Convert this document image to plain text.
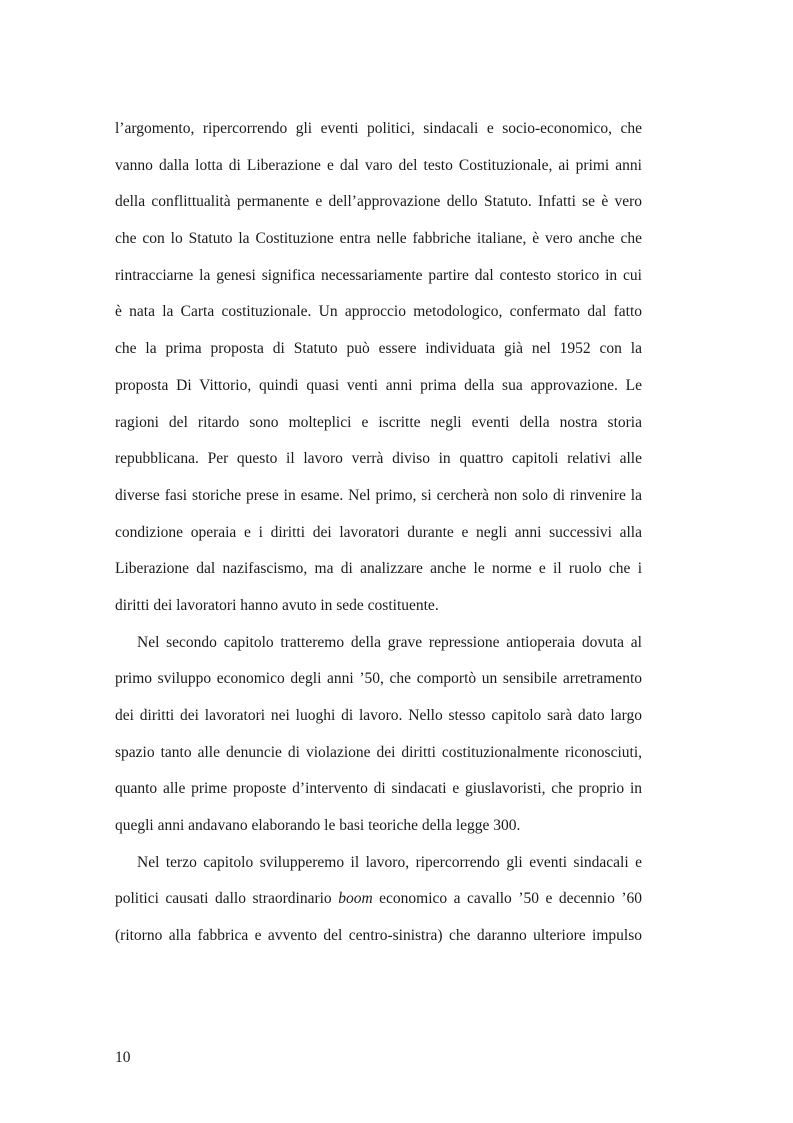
l’argomento, ripercorrendo gli eventi politici, sindacali e socio-economico, che
vanno dalla lotta di Liberazione e dal varo del testo Costituzionale, ai primi anni
della conflittualità permanente e dell’approvazione dello Statuto. Infatti se è vero
che con lo Statuto la Costituzione entra nelle fabbriche italiane, è vero anche che
rintracciarne la genesi significa necessariamente partire dal contesto storico in cui
è nata la Carta costituzionale. Un approccio metodologico, confermato dal fatto
che la prima proposta di Statuto può essere individuata già nel 1952 con la
proposta Di Vittorio, quindi quasi venti anni prima della sua approvazione. Le
ragioni del ritardo sono molteplici e iscritte negli eventi della nostra storia
repubblicana. Per questo il lavoro verrà diviso in quattro capitoli relativi alle
diverse fasi storiche prese in esame. Nel primo, si cercherà non solo di rinvenire la
condizione operaia e i diritti dei lavoratori durante e negli anni successivi alla
Liberazione dal nazifascismo, ma di analizzare anche le norme e il ruolo che i
diritti dei lavoratori hanno avuto in sede costituente.
Nel secondo capitolo tratteremo della grave repressione antioperaia dovuta al
primo sviluppo economico degli anni ’50, che comportò un sensibile arretramento
dei diritti dei lavoratori nei luoghi di lavoro. Nello stesso capitolo sarà dato largo
spazio tanto alle denuncie di violazione dei diritti costituzionalmente riconosciuti,
quanto alle prime proposte d’intervento di sindacati e giuslavoristi, che proprio in
quegli anni andavano elaborando le basi teoriche della legge 300.
Nel terzo capitolo svilupperemo il lavoro, ripercorrendo gli eventi sindacali e
politici causati dallo straordinario boom economico a cavallo ’50 e decennio ’60
(ritorno alla fabbrica e avvento del centro-sinistra) che daranno ulteriore impulso
10
